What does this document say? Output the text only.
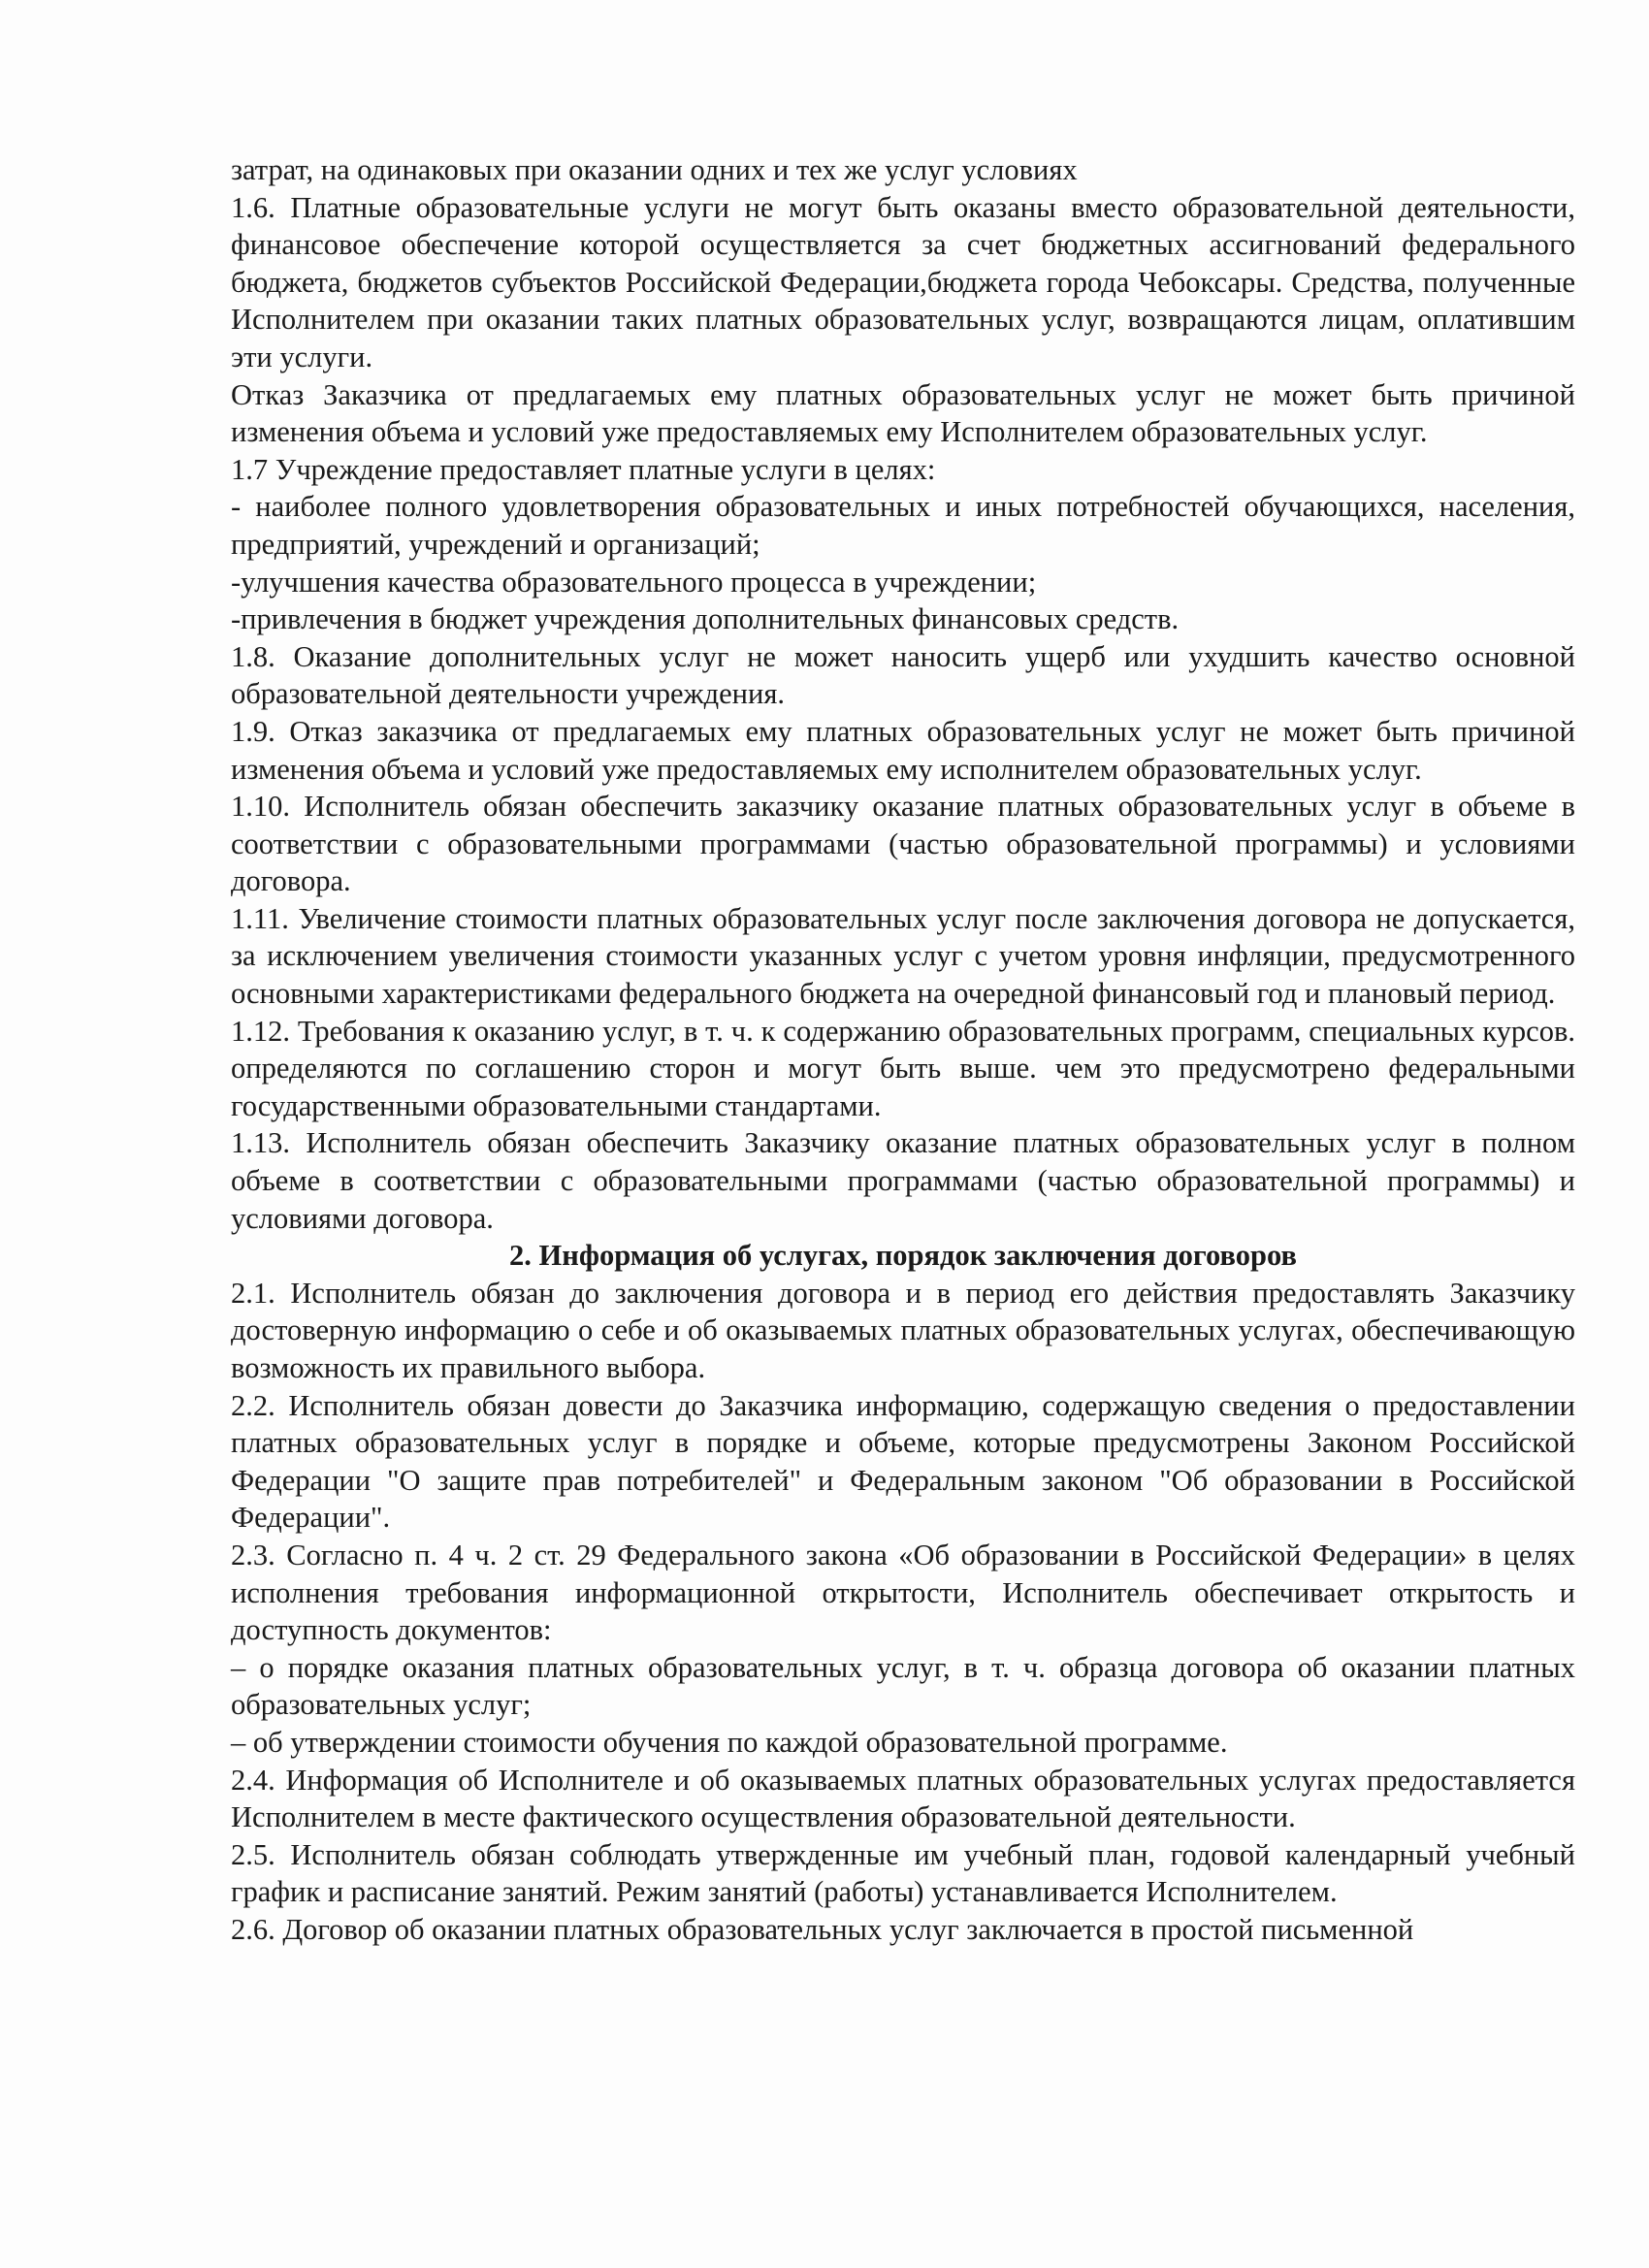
затрат, на одинаковых при оказании одних и тех же услуг условиях

1.6. Платные образовательные услуги не могут быть оказаны вместо образовательной деятельности, финансовое обеспечение которой осуществляется за счет бюджетных ассигнований федерального бюджета, бюджетов субъектов Российской Федерации,бюджета города Чебоксары. Средства, полученные Исполнителем при оказании таких платных образовательных услуг, возвращаются лицам, оплатившим эти услуги.

Отказ Заказчика от предлагаемых ему платных образовательных услуг не может быть причиной изменения объема и условий уже предоставляемых ему Исполнителем образовательных услуг.

1.7 Учреждение предоставляет платные услуги в целях:

- наиболее полного удовлетворения образовательных и иных потребностей обучающихся, населения, предприятий, учреждений и организаций;

-улучшения качества образовательного процесса в учреждении;

-привлечения в бюджет учреждения дополнительных финансовых средств.

1.8. Оказание дополнительных услуг не может наносить ущерб или ухудшить качество основной образовательной деятельности учреждения.

1.9. Отказ заказчика от предлагаемых ему платных образовательных услуг не может быть причиной изменения объема и условий уже предоставляемых ему исполнителем образовательных услуг.

1.10. Исполнитель обязан обеспечить заказчику оказание платных образовательных услуг в объеме в соответствии с образовательными программами (частью образовательной программы) и условиями договора.

1.11. Увеличение стоимости платных образовательных услуг после заключения договора не допускается, за исключением увеличения стоимости указанных услуг с учетом уровня инфляции, предусмотренного основными характеристиками федерального бюджета на очередной финансовый год и плановый период.

1.12. Требования к оказанию услуг, в т. ч. к содержанию образовательных программ, специальных курсов. определяются по соглашению сторон и могут быть выше. чем это предусмотрено федеральными государственными образовательными стандартами.

1.13. Исполнитель обязан обеспечить Заказчику оказание платных образовательных услуг в полном объеме в соответствии с образовательными программами (частью образовательной программы) и условиями договора.

2. Информация об услугах, порядок заключения договоров

2.1. Исполнитель обязан до заключения договора и в период его действия предоставлять Заказчику достоверную информацию о себе и об оказываемых платных образовательных услугах, обеспечивающую возможность их правильного выбора.

2.2. Исполнитель обязан довести до Заказчика информацию, содержащую сведения о предоставлении платных образовательных услуг в порядке и объеме, которые предусмотрены Законом Российской Федерации "О защите прав потребителей" и Федеральным законом "Об образовании в Российской Федерации".

2.3. Согласно п. 4 ч. 2 ст. 29 Федерального закона «Об образовании в Российской Федерации» в целях исполнения требования информационной открытости, Исполнитель обеспечивает открытость и доступность документов:

– о порядке оказания платных образовательных услуг, в т. ч. образца договора об оказании платных образовательных услуг;

– об утверждении стоимости обучения по каждой образовательной программе.

2.4. Информация об Исполнителе и об оказываемых платных образовательных услугах предоставляется Исполнителем в месте фактического осуществления образовательной деятельности.

2.5. Исполнитель обязан соблюдать утвержденные им учебный план, годовой календарный учебный график и расписание занятий. Режим занятий (работы) устанавливается Исполнителем.

2.6. Договор об оказании платных образовательных услуг заключается в простой письменной
